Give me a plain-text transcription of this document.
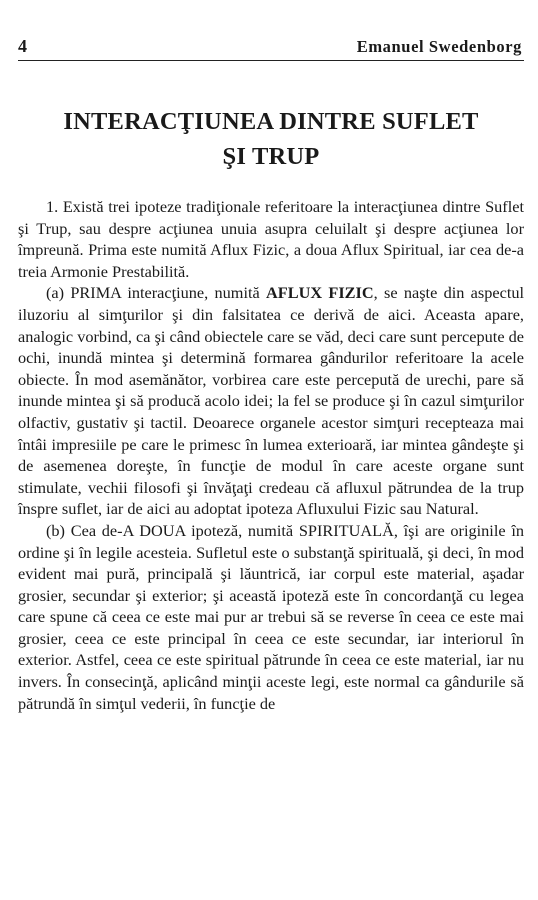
4	Emanuel Swedenborg
INTERACŢIUNEA DINTRE SUFLET
ŞI TRUP

1. Există trei ipoteze tradiţionale referitoare la interacţiunea dintre Suflet şi Trup, sau despre acţiunea unuia asupra celuilalt şi despre acţiunea lor împreună. Prima este numită Aflux Fizic, a doua Aflux Spiritual, iar cea de-a treia Armonie Prestabilită.

(a) PRIMA interacţiune, numită AFLUX FIZIC, se naşte din aspectul iluzoriu al simţurilor şi din falsitatea ce derivă de aici. Aceasta apare, analogic vorbind, ca şi când obiectele care se văd, deci care sunt percepute de ochi, inundă mintea şi determină formarea gândurilor referitoare la acele obiecte. În mod asemănător, vorbirea care este percepută de urechi, pare să inunde mintea şi să producă acolo idei; la fel se produce şi în cazul simţurilor olfactiv, gustativ şi tactil. Deoarece organele acestor simţuri recepteaza mai întâi impresiile pe care le primesc în lumea exterioară, iar mintea gândeşte şi de asemenea doreşte, în funcţie de modul în care aceste organe sunt stimulate, vechii filosofi şi învăţaţi credeau că afluxul pătrundea de la trup înspre suflet, iar de aici au adoptat ipoteza Afluxului Fizic sau Natural.

(b) Cea de-A DOUA ipoteză, numită SPIRITUALĂ, îşi are originile în ordine şi în legile acesteia. Sufletul este o substanţă spirituală, şi deci, în mod evident mai pură, principală şi lăuntrică, iar corpul este material, aşadar grosier, secundar şi exterior; şi această ipoteză este în concordanţă cu legea care spune că ceea ce este mai pur ar trebui să se reverse în ceea ce este mai grosier, ceea ce este principal în ceea ce este secundar, iar interiorul în exterior. Astfel, ceea ce este spiritual pătrunde în ceea ce este material, iar nu invers. În consecinţă, aplicând minţii aceste legi, este normal ca gândurile să pătrundă în simţul vederii, în funcţie de
